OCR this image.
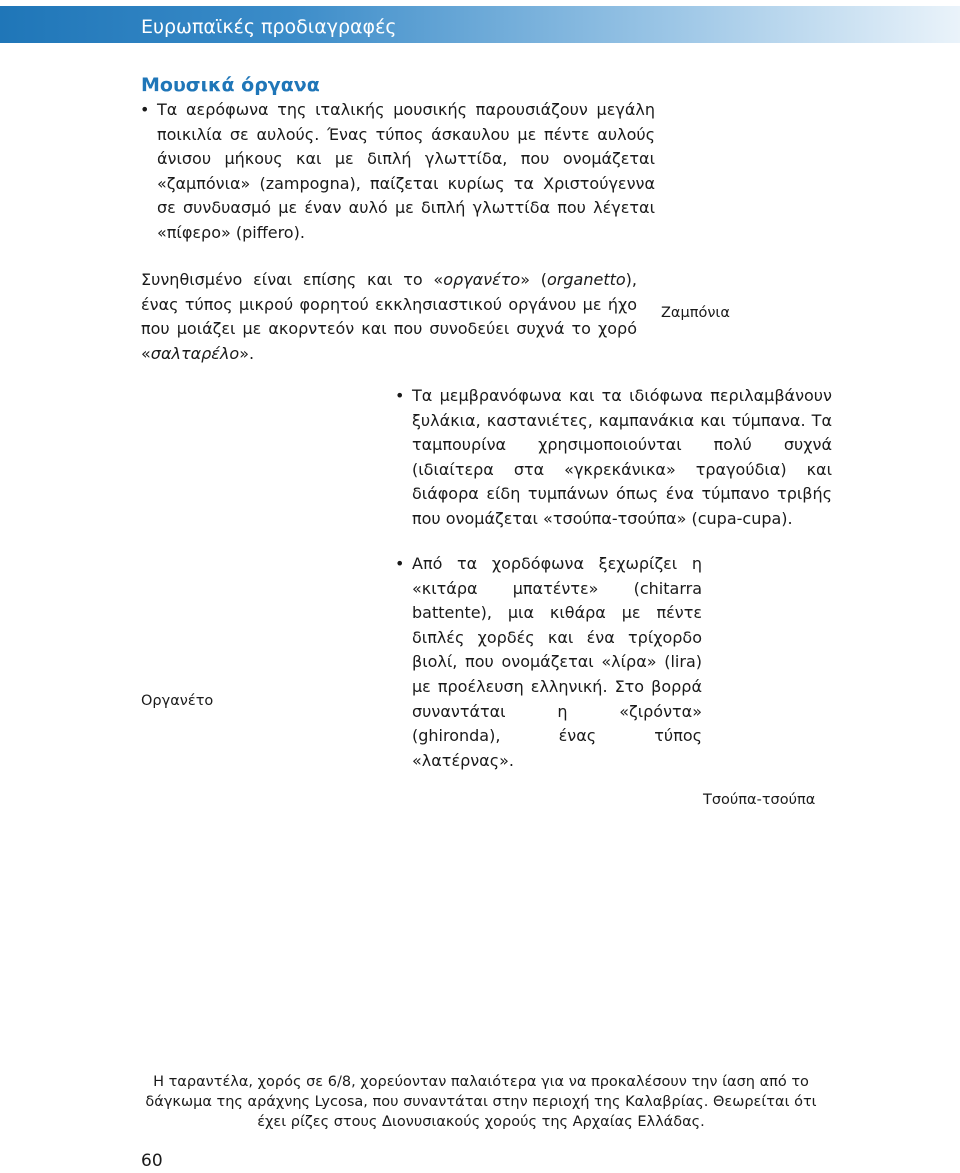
Ευρωπαϊκές προδιαγραφές
Μουσικά όργανα

• Τα αερόφωνα της ιταλικής μουσικής παρουσιάζουν μεγάλη ποικιλία σε αυλούς. Ένας τύπος άσκαυλου με πέντε αυλούς άνισου μήκους και με διπλή γλωττίδα, που ονομάζεται «ζαμπόνια» (zampogna), παίζεται κυρίως τα Χριστούγεννα σε συνδυασμό με έναν αυλό με διπλή γλωττίδα που λέγεται «πίφερο» (piffero).

Συνηθισμένο είναι επίσης και το «οργανέτο» (organetto), ένας τύπος μικρού φορητού εκκλησιαστικού οργάνου με ήχο που μοιάζει με ακορντεόν και που συνοδεύει συχνά το χορό «σαλταρέλο».

Ζαμπόνια

• Τα μεμβρανόφωνα και τα ιδιόφωνα περιλαμβάνουν ξυλάκια, καστανιέτες, καμπανάκια και τύμπανα. Τα ταμπουρίνα χρησιμοποιούνται πολύ συχνά (ιδιαίτερα στα «γκρεκάνικα» τραγούδια) και διάφορα είδη τυμπάνων όπως ένα τύμπανο τριβής που ονομάζεται «τσούπα-τσούπα» (cupa-cupa).

• Από τα χορδόφωνα ξεχωρίζει η «κιτάρα μπατέντε» (chitarra battente), μια κιθάρα με πέντε διπλές χορδές και ένα τρίχορδο βιολί, που ονομάζεται «λίρα» (lira) με προέλευση ελληνική. Στο βορρά συναντάται η «ζιρόντα» (ghironda), ένας τύπος «λατέρνας».

Οργανέτο
Τσούπα-τσούπα
Η ταραντέλα, χορός σε 6/8, χορεύονταν παλαιότερα για να προκαλέσουν την ίαση από το δάγκωμα της αράχνης Lycosa, που συναντάται στην περιοχή της Καλαβρίας. Θεωρείται ότι έχει ρίζες στους Διονυσιακούς χορούς της Αρχαίας Ελλάδας.
60
